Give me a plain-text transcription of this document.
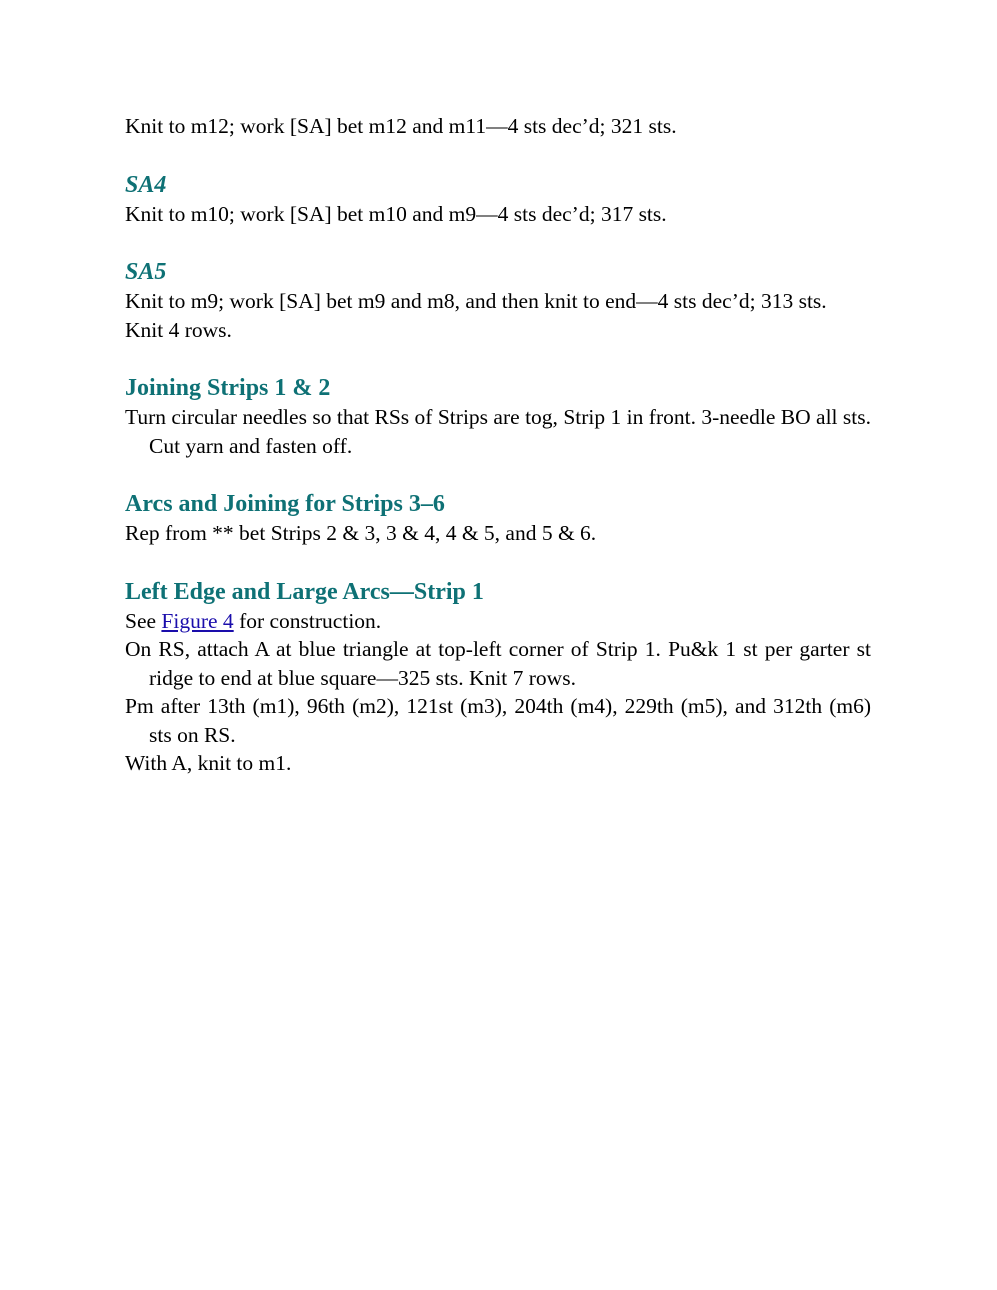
Knit to m12; work [SA] bet m12 and m11—4 sts dec’d; 321 sts.

SA4

Knit to m10; work [SA] bet m10 and m9—4 sts dec’d; 317 sts.

SA5

Knit to m9; work [SA] bet m9 and m8, and then knit to end—4 sts dec’d; 313 sts.

Knit 4 rows.

Joining Strips 1 & 2

Turn circular needles so that RSs of Strips are tog, Strip 1 in front. 3-needle BO all sts. Cut yarn and fasten off.

Arcs and Joining for Strips 3–6

Rep from ** bet Strips 2 & 3, 3 & 4, 4 & 5, and 5 & 6.

Left Edge and Large Arcs—Strip 1

See Figure 4 for construction.

On RS, attach A at blue triangle at top-left corner of Strip 1. Pu&k 1 st per garter st ridge to end at blue square—325 sts. Knit 7 rows.

Pm after 13th (m1), 96th (m2), 121st (m3), 204th (m4), 229th (m5), and 312th (m6) sts on RS.

With A, knit to m1.
